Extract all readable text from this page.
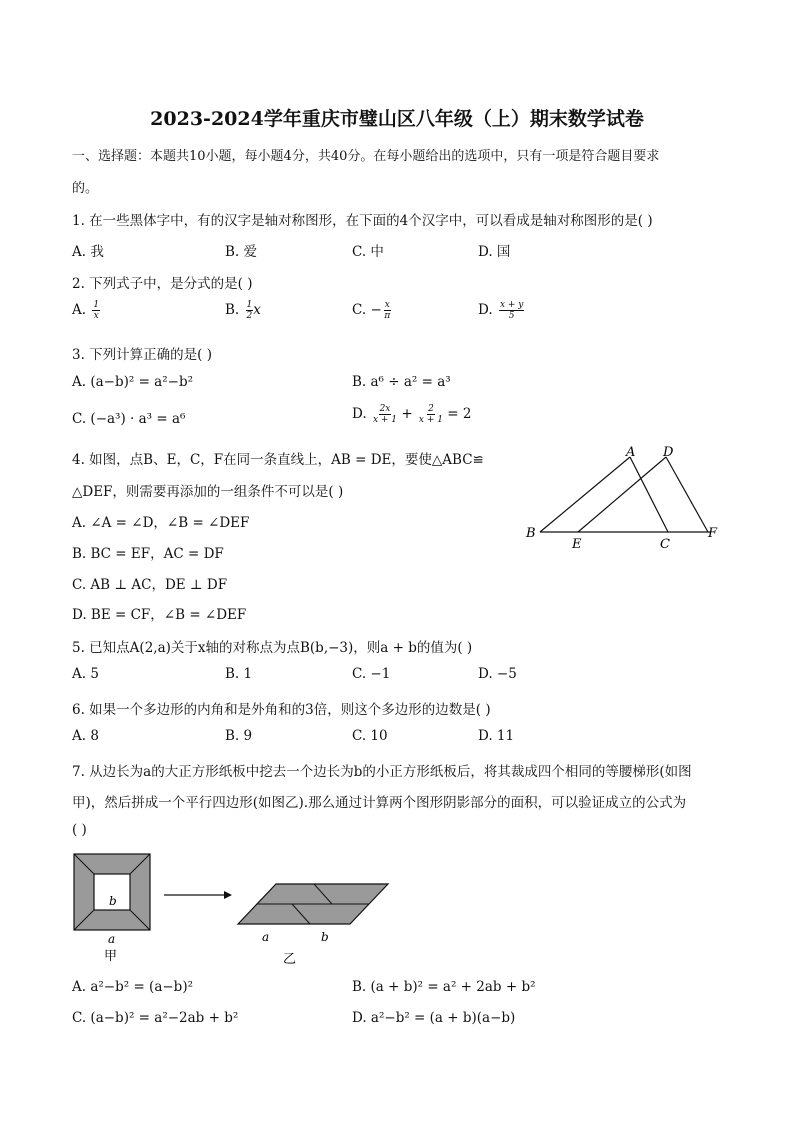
2023-2024学年重庆市璧山区八年级（上）期末数学试卷
一、选择题：本题共10小题，每小题4分，共40分。在每小题给出的选项中，只有一项是符合题目要求
的。
1. 在一些黑体字中，有的汉字是轴对称图形，在下面的4个汉字中，可以看成是轴对称图形的是( )
A. 我	B. 爱	C. 中	D. 国
2. 下列式子中，是分式的是( )
A. $\frac{1}{x}$	B. $\frac{1}{2}$ x	C. − $\frac{x}{\pi}$	D. $\frac{x + y}{5}$
3. 下列计算正确的是( )
A. (a−b)² = a²−b²	B. a⁶ ÷ a² = a³
C. (−a³) · a³ = a⁶	D. $\frac{2x}{x + 1} + \frac{2}{x + 1} = 2$
4. 如图，点B、E，C，F在同一条直线上，AB = DE，要使△ABC≌
△DEF，则需要再添加的一组条件不可以是( )
A. ∠A = ∠D，∠B = ∠DEF
B. BC = EF，AC = DF
C. AB ⊥ AC，DE ⊥ DF
D. BE = CF，∠B = ∠DEF
A D
B
E	C
F
5. 已知点A(2,a)关于x轴的对称点为点B(b,−3)，则a + b的值为( )
A. 5	B. 1	C. −1	D. −5
6. 如果一个多边形的内角和是外角和的3倍，则这个多边形的边数是( )
A. 8	B. 9	C. 10	D. 11
7. 从边长为a的大正方形纸板中挖去一个边长为b的小正方形纸板后，将其裁成四个相同的等腰梯形(如图
甲)，然后拼成一个平行四边形(如图乙).那么通过计算两个图形阴影部分的面积，可以验证成立的公式为
( )
b
a
甲
a	b
乙
A. a²−b² = (a−b)²	B. (a + b)² = a² + 2ab + b²
C. (a−b)² = a²−2ab + b²	D. a²−b² = (a + b)(a−b)
